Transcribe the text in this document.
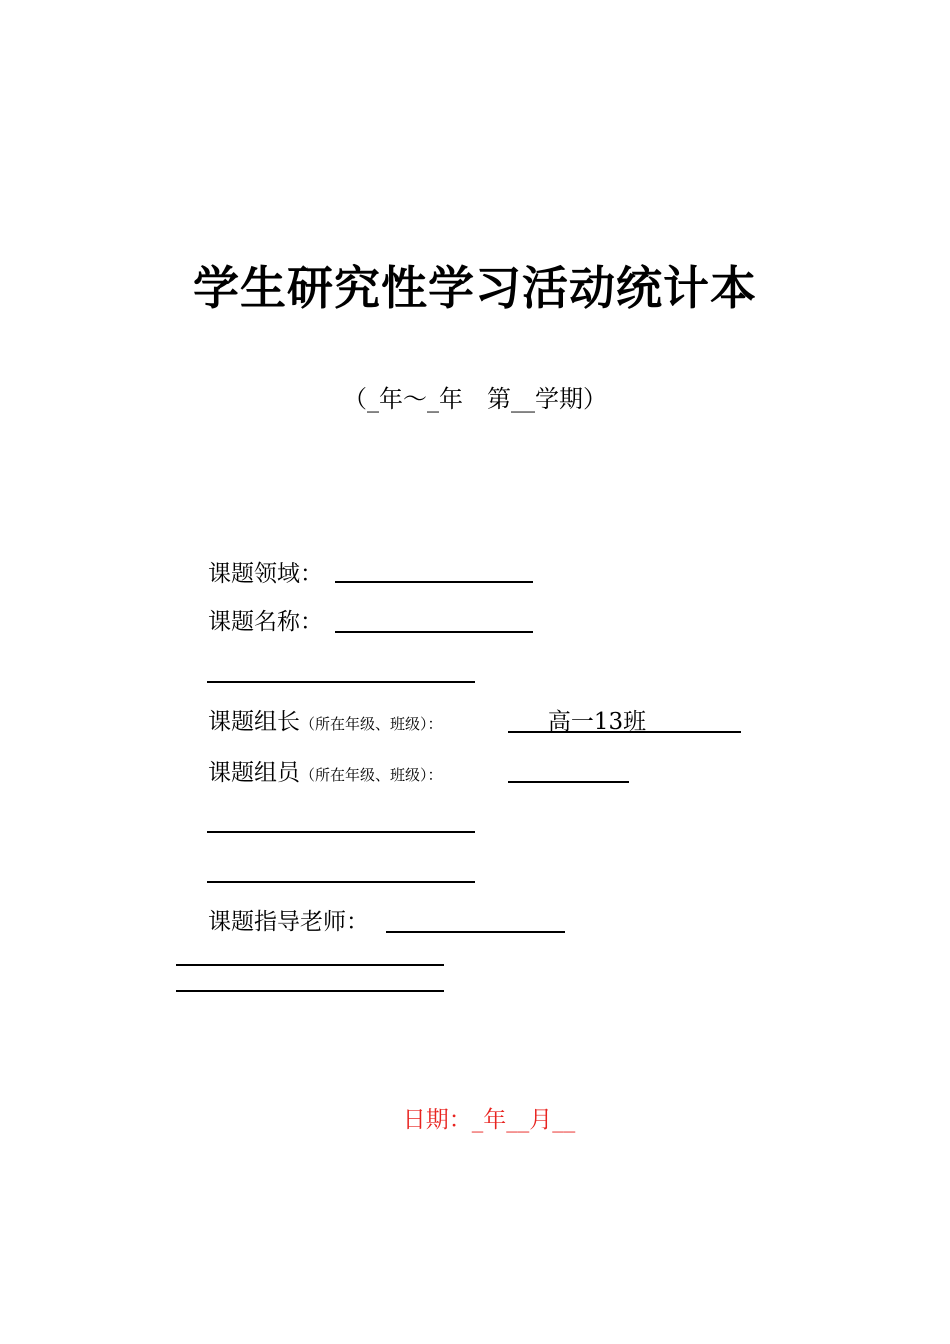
学生研究性学习活动统计本
（_年～_年　第__学期）
课题领域：
课题名称：
课题组长（所在年级、班级）：	高一13班
课题组员（所在年级、班级）：
课题指导老师：
日期：_年__月__
